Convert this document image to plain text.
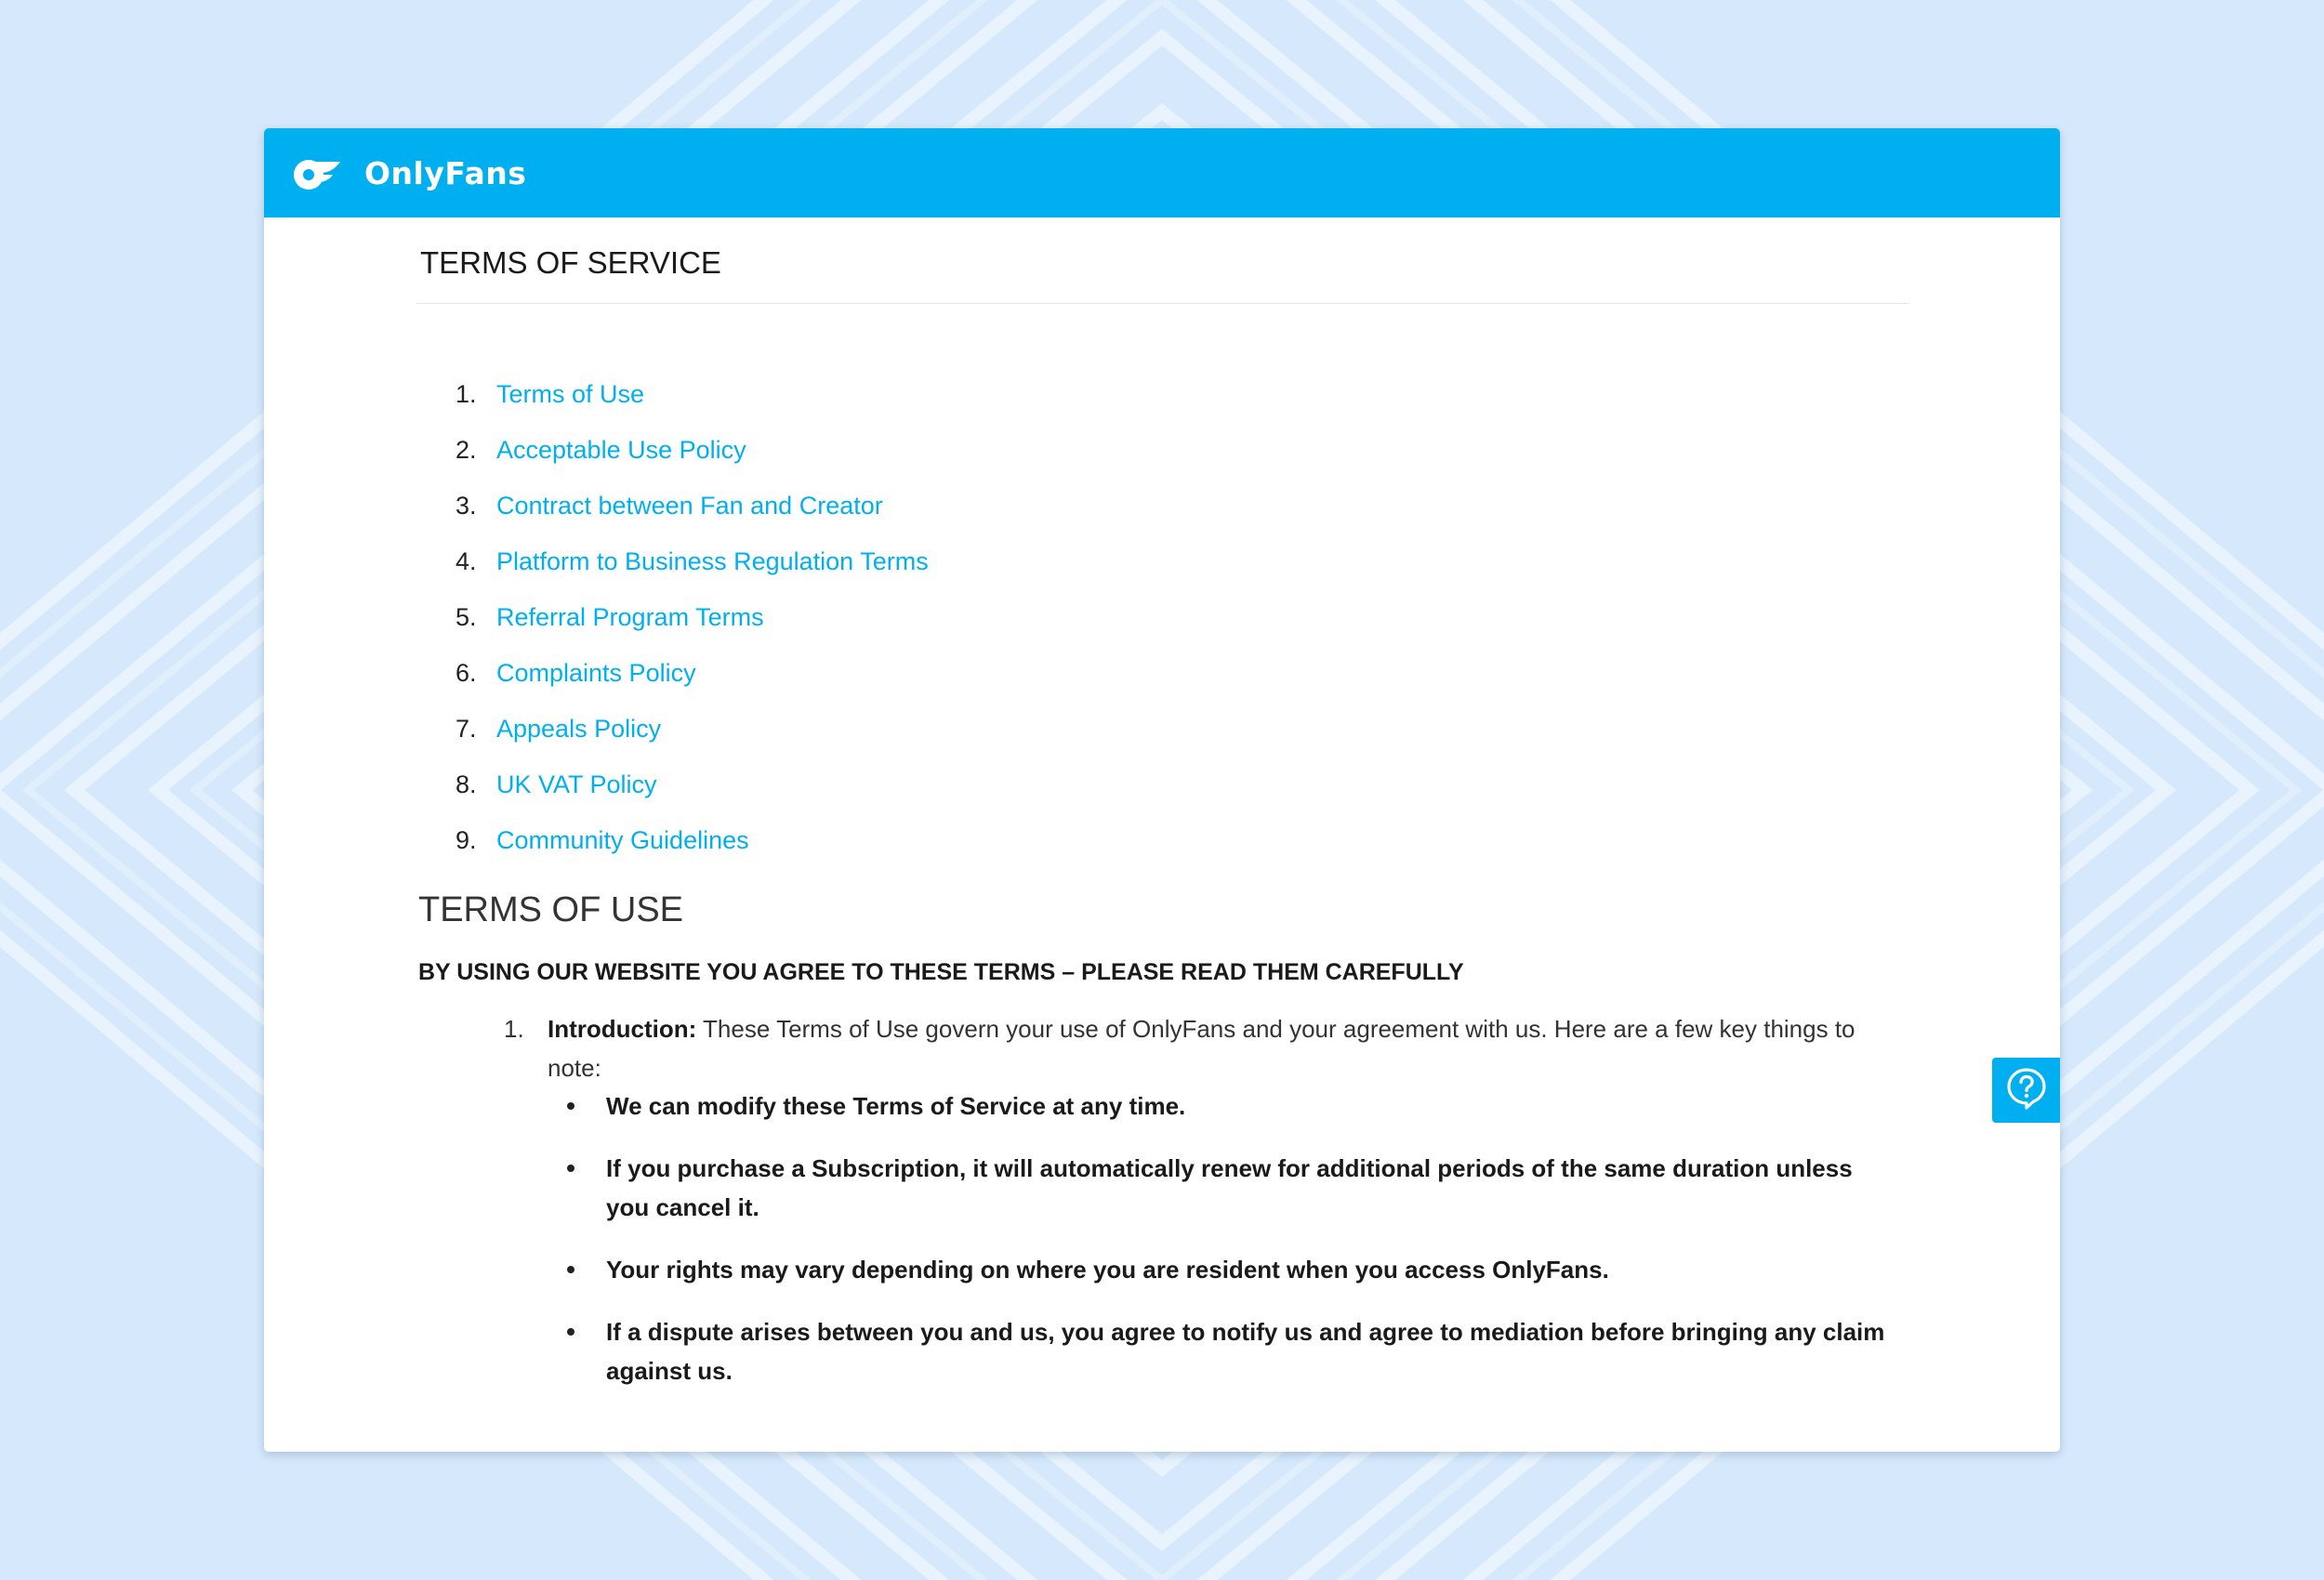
OnlyFans
TERMS OF SERVICE
1. Terms of Use
2. Acceptable Use Policy
3. Contract between Fan and Creator
4. Platform to Business Regulation Terms
5. Referral Program Terms
6. Complaints Policy
7. Appeals Policy
8. UK VAT Policy
9. Community Guidelines
TERMS OF USE

BY USING OUR WEBSITE YOU AGREE TO THESE TERMS – PLEASE READ THEM CAREFULLY

1. Introduction: These Terms of Use govern your use of OnlyFans and your agreement with us. Here are a few key things to note:
We can modify these Terms of Service at any time.
If you purchase a Subscription, it will automatically renew for additional periods of the same duration unless you cancel it.
Your rights may vary depending on where you are resident when you access OnlyFans.
If a dispute arises between you and us, you agree to notify us and agree to mediation before bringing any claim against us.
